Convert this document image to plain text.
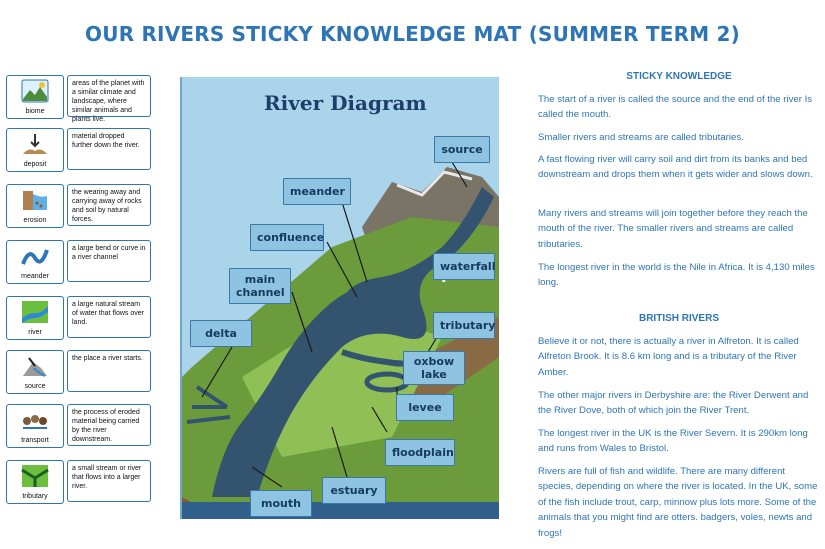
OUR RIVERS STICKY KNOWLEDGE MAT (SUMMER TERM 2)
biome
areas of the planet with a similar climate and landscape, where similar animals and plants live.
deposit
material dropped further down the river.
erosion
the wearing away and carrying away of rocks and soil by natural forces.
meander
a large bend or curve in a river channel
river
a large natural stream of water that flows over land.
source
the place a river starts.
transport
the process of eroded material being carried by the river downstream.
tributary
a small stream or river that flows into a larger river.
River Diagram
source
meander
confluence
main channel
waterfall
delta
tributary
oxbow lake
levee
floodplain
estuary
mouth
STICKY KNOWLEDGE
The start of a river is called the source and the end of the river Is called the mouth.
Smaller rivers and streams are called tributaries.
A fast flowing river will carry soil and dirt from its banks and bed downstream and drops them when it gets wider and slows down.
Many rivers and streams will join together before they reach the mouth of the river. The smaller rivers and streams are called tributaries.
The longest river in the world is the Nile in Africa. It is 4,130 miles long.
BRITISH RIVERS
Believe it or not, there is actually a river in Alfreton. It is called Alfreton Brook. It is 8.6 km long and is a tributary of the River Amber.
The other major rivers in Derbyshire are: the River Derwent and the River Dove, both of which join the River Trent.
The longest river in the UK is the River Severn. It is 290km long and runs from Wales to Bristol.
Rivers are full of fish and wildlife. There are many different species, depending on where the river is located. In the UK, some of the fish include trout, carp, minnow plus lots more. Some of the animals that you might find are otters. badgers, voles, newts and frogs!
